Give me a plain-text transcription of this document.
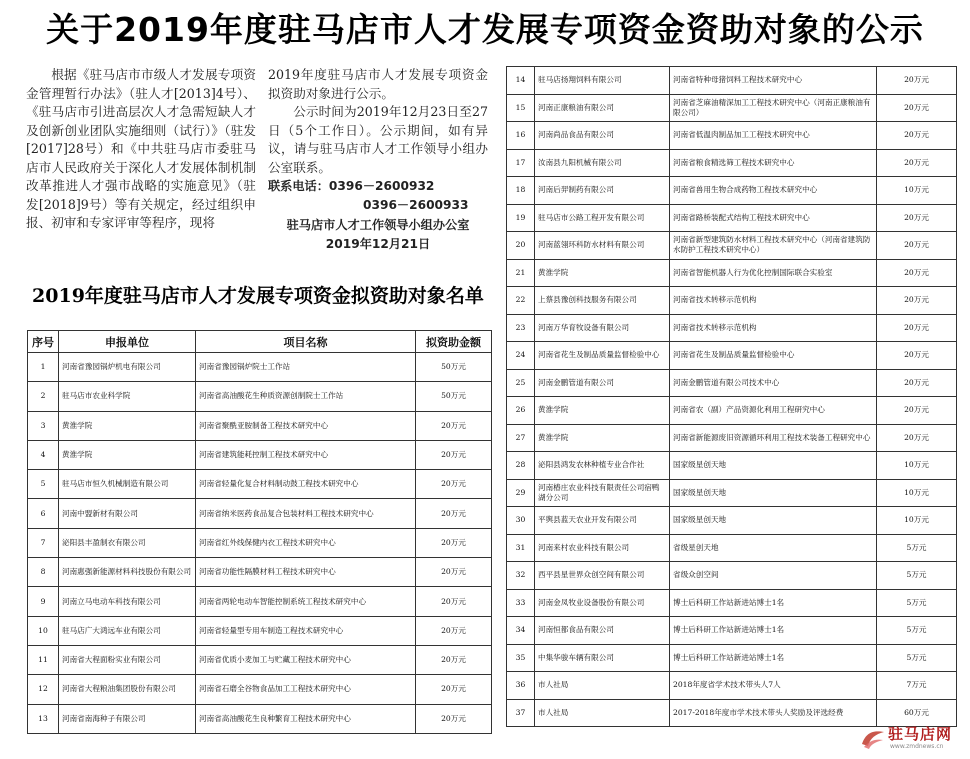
关于2019年度驻马店市人才发展专项资金资助对象的公示

根据《驻马店市市级人才发展专项资金管理暂行办法》（驻人才[2013]4号）、《驻马店市引进高层次人才急需短缺人才及创新创业团队实施细则（试行）》（驻发[2017]28号）和《中共驻马店市委驻马店市人民政府关于深化人才发展体制机制改革推进人才强市战略的实施意见》（驻发[2018]9号）等有关规定，经过组织申报、初审和专家评审等程序，现将

2019年度驻马店市人才发展专项资金拟资助对象进行公示。

公示时间为2019年12月23日至27日（5个工作日）。公示期间，如有异议，请与驻马店市人才工作领导小组办公室联系。

联系电话：0396－2600932
0396－2600933
驻马店市人才工作领导小组办公室
2019年12月21日
2019年度驻马店市人才发展专项资金拟资助对象名单
序号	申报单位	项目名称	拟资助金额
1	河南省豫园锅炉机电有限公司	河南省豫园锅炉院士工作站	50万元
2	驻马店市农业科学院	河南省高油酸花生种质资源创制院士工作站	50万元
3	黄淮学院	河南省聚酰亚胺制备工程技术研究中心	20万元
4	黄淮学院	河南省建筑能耗控制工程技术研究中心	20万元
5	驻马店市恒久机械制造有限公司	河南省轻量化复合材料制动鼓工程技术研究中心	20万元
6	河南中盟新材有限公司	河南省纳米医药食品复合包装材料工程技术研究中心	20万元
7	泌阳县丰盈制衣有限公司	河南省红外线保健内衣工程技术研究中心	20万元
8	河南惠强新能源材料科技股份有限公司	河南省功能性隔膜材料工程技术研究中心	20万元
9	河南立马电动车科技有限公司	河南省两轮电动车智能控制系统工程技术研究中心	20万元
10	驻马店广大鸿远车业有限公司	河南省轻量型专用车制造工程技术研究中心	20万元
11	河南省大程面粉实业有限公司	河南省优质小麦加工与贮藏工程技术研究中心	20万元
12	河南省大程粮油集团股份有限公司	河南省石磨全谷物食品加工工程技术研究中心	20万元
13	河南省南海种子有限公司	河南省高油酸花生良种繁育工程技术研究中心	20万元
14	驻马店扬翔饲料有限公司	河南省特种母猪饲料工程技术研究中心	20万元
15	河南正康粮油有限公司	河南省芝麻油精深加工工程技术研究中心（河南正康粮油有限公司）	20万元
16	河南尚品食品有限公司	河南省低温肉制品加工工程技术研究中心	20万元
17	汝南县九阳机械有限公司	河南省粮食精选筛工程技术研究中心	20万元
18	河南后羿制药有限公司	河南省兽用生物合成药物工程技术研究中心	10万元
19	驻马店市公路工程开发有限公司	河南省路桥装配式结构工程技术研究中心	20万元
20	河南蓝翎环科防水材料有限公司	河南省新型建筑防水材料工程技术研究中心（河南省建筑防水防护工程技术研究中心）	20万元
21	黄淮学院	河南省智能机器人行为优化控制国际联合实验室	20万元
22	上蔡县豫创科技服务有限公司	河南省技术转移示范机构	20万元
23	河南万华育牧设备有限公司	河南省技术转移示范机构	20万元
24	河南省花生及制品质量监督检验中心	河南省花生及制品质量监督检验中心	20万元
25	河南金鹏管道有限公司	河南金鹏管道有限公司技术中心	20万元
26	黄淮学院	河南省农（副）产品资源化利用工程研究中心	20万元
27	黄淮学院	河南省新能源废旧资源循环利用工程技术装备工程研究中心	20万元
28	泌阳县鸿发农林种植专业合作社	国家级星创天地	10万元
29	河南椿庄农业科技有限责任公司宿鸭湖分公司	国家级星创天地	10万元
30	平舆县蓝天农业开发有限公司	国家级星创天地	10万元
31	河南来村农业科技有限公司	省级星创天地	5万元
32	西平县星世界众创空间有限公司	省级众创空间	5万元
33	河南金凤牧业设备股份有限公司	博士后科研工作站新进站博士1名	5万元
34	河南恒都食品有限公司	博士后科研工作站新进站博士1名	5万元
35	中集华骏车辆有限公司	博士后科研工作站新进站博士1名	5万元
36	市人社局	2018年度省学术技术带头人7人	7万元
37	市人社局	2017-2018年度市学术技术带头人奖励及评选经费	60万元
驻马店网
www.zmdnews.cn
